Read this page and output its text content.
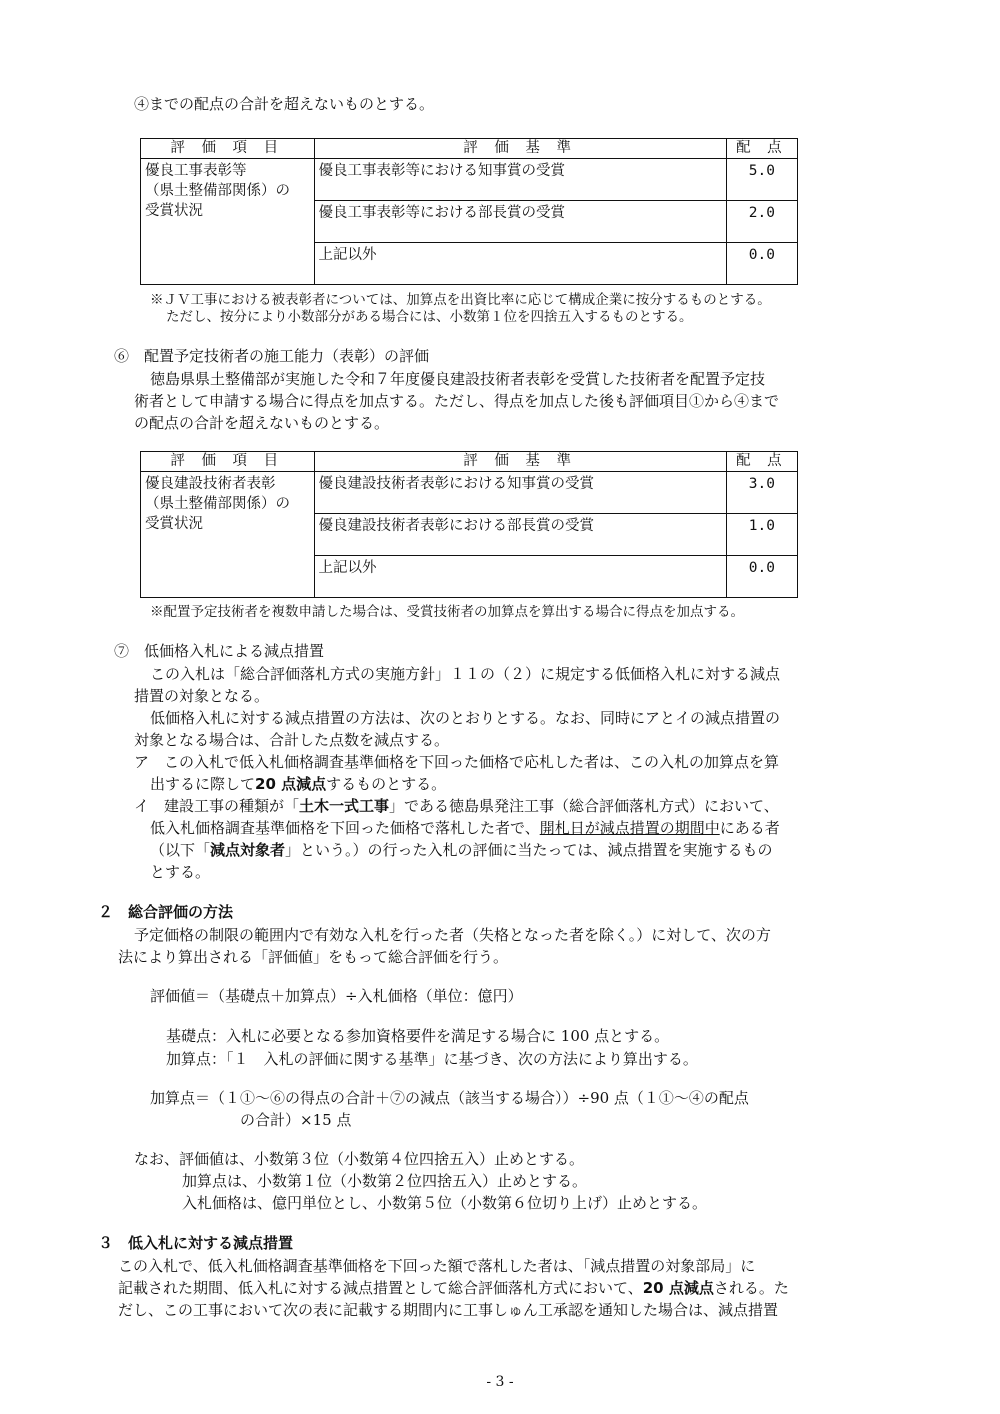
④までの配点の合計を超えないものとする。
評 価 項 目	評 価 基 準	配 点

優良工事表彰等
（県土整備部関係）の
受賞状況	優良工事表彰等における知事賞の受賞	5.0
	優良工事表彰等における部長賞の受賞	2.0
	上記以外	0.0
※ＪＶ工事における被表彰者については、加算点を出資比率に応じて構成企業に按分するものとする。
ただし、按分により小数部分がある場合には、小数第１位を四捨五入するものとする。
⑥　配置予定技術者の施工能力（表彰）の評価
徳島県県土整備部が実施した令和７年度優良建設技術者表彰を受賞した技術者を配置予定技
術者として申請する場合に得点を加点する。ただし、得点を加点した後も評価項目①から④まで
の配点の合計を超えないものとする。
評 価 項 目	評 価 基 準	配 点

優良建設技術者表彰
（県土整備部関係）の
受賞状況	優良建設技術者表彰における知事賞の受賞	3.0
	優良建設技術者表彰における部長賞の受賞	1.0
	上記以外	0.0
※配置予定技術者を複数申請した場合は、受賞技術者の加算点を算出する場合に得点を加点する。
⑦　低価格入札による減点措置
この入札は「総合評価落札方式の実施方針」１１の（２）に規定する低価格入札に対する減点
措置の対象となる。
低価格入札に対する減点措置の方法は、次のとおりとする。なお、同時にアとイの減点措置の
対象となる場合は、合計した点数を減点する。
ア　この入札で低入札価格調査基準価格を下回った価格で応札した者は、この入札の加算点を算
出するに際して20 点減点するものとする。
イ　建設工事の種類が「土木一式工事」である徳島県発注工事（総合評価落札方式）において、
低入札価格調査基準価格を下回った価格で落札した者で、開札日が減点措置の期間中にある者
（以下「減点対象者」という。）の行った入札の評価に当たっては、減点措置を実施するもの
とする。
２　総合評価の方法
予定価格の制限の範囲内で有効な入札を行った者（失格となった者を除く。）に対して、次の方
法により算出される「評価値」をもって総合評価を行う。
評価値＝（基礎点＋加算点）÷入札価格（単位：億円）
基礎点：入札に必要となる参加資格要件を満足する場合に 100 点とする。
加算点：「１　入札の評価に関する基準」に基づき、次の方法により算出する。
加算点＝（１①～⑥の得点の合計＋⑦の減点（該当する場合））÷90 点（１①～④の配点
の合計）×15 点
なお、評価値は、小数第３位（小数第４位四捨五入）止めとする。
加算点は、小数第１位（小数第２位四捨五入）止めとする。
入札価格は、億円単位とし、小数第５位（小数第６位切り上げ）止めとする。
３　低入札に対する減点措置
この入札で、低入札価格調査基準価格を下回った額で落札した者は、「減点措置の対象部局」に
記載された期間、低入札に対する減点措置として総合評価落札方式において、20 点減点される。た
だし、この工事において次の表に記載する期間内に工事しゅん工承認を通知した場合は、減点措置
- 3 -
